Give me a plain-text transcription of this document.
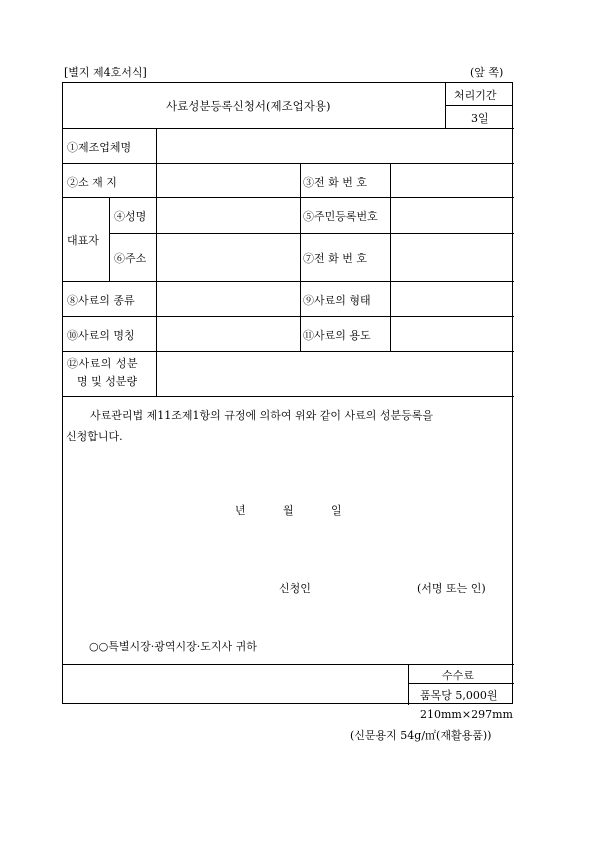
[별지 제4호서식]	(앞 쪽)
사료성분등록신청서(제조업자용)
처리기간
3일
①제조업체명
②소 재 지	③전 화 번 호
대표자
④성명	⑤주민등록번호
⑥주소	⑦전 화 번 호
⑧사료의 종류	⑨사료의 형태
⑩사료의 명칭	⑪사료의 용도
⑫사료의 성분
명 및 성분량
사료관리법 제11조제1항의 규정에 의하여 위와 같이 사료의 성분등록을
신청합니다.
년	월	일
신청인	(서명 또는 인)
○○특별시장·광역시장·도지사 귀하
수수료
품목당 5,000원
210mm×297mm
(신문용지 54g/㎡(재활용품))
